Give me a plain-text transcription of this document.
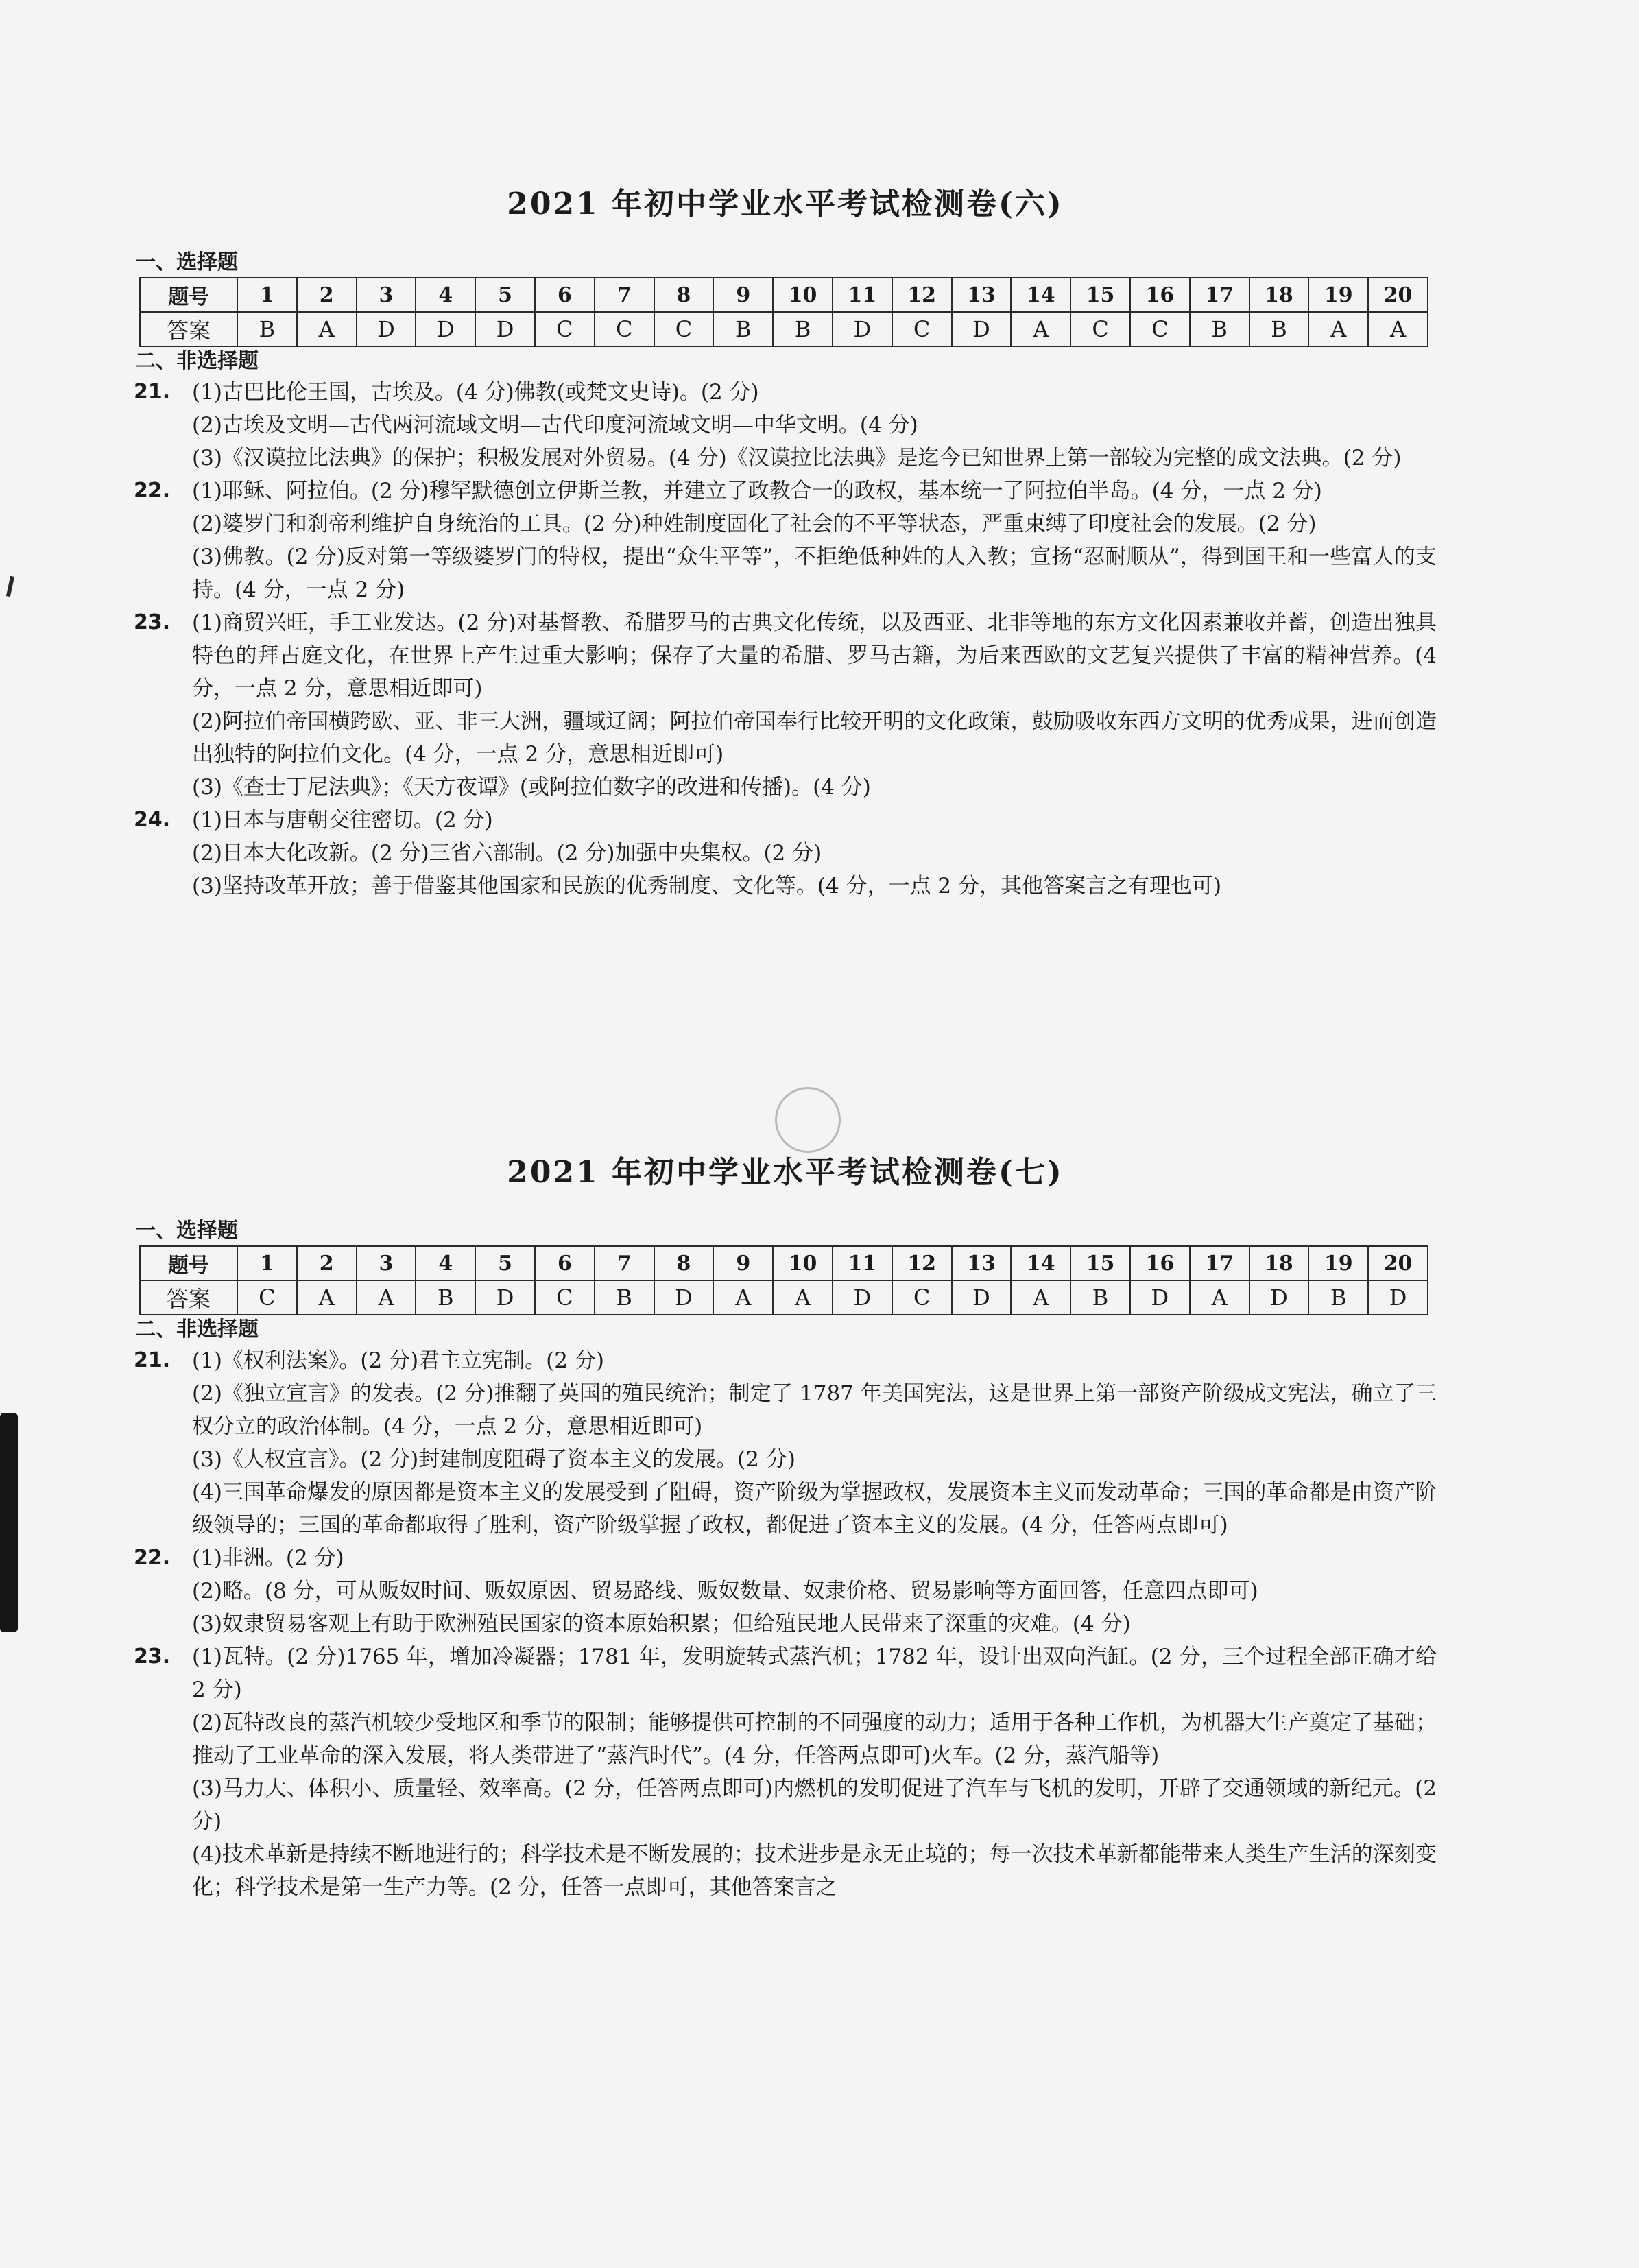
2021 年初中学业水平考试检测卷(六)
一、选择题
题号	1	2	3	4	5	6	7	8	9	10	11	12	13	14	15	16	17	18	19	20
答案	B	A	D	D	D	C	C	C	B	B	D	C	D	A	C	C	B	B	A	A
二、非选择题
21. (1)古巴比伦王国，古埃及。(4 分)佛教(或梵文史诗)。(2 分)

(2)古埃及文明—古代两河流域文明—古代印度河流域文明—中华文明。(4 分)

(3)《汉谟拉比法典》的保护；积极发展对外贸易。(4 分)《汉谟拉比法典》是迄今已知世界上第一部较为完整的成文法典。(2 分)

22. (1)耶稣、阿拉伯。(2 分)穆罕默德创立伊斯兰教，并建立了政教合一的政权，基本统一了阿拉伯半岛。(4 分，一点 2 分)

(2)婆罗门和刹帝利维护自身统治的工具。(2 分)种姓制度固化了社会的不平等状态，严重束缚了印度社会的发展。(2 分)

(3)佛教。(2 分)反对第一等级婆罗门的特权，提出“众生平等”，不拒绝低种姓的人入教；宣扬“忍耐顺从”，得到国王和一些富人的支持。(4 分，一点 2 分)

23. (1)商贸兴旺，手工业发达。(2 分)对基督教、希腊罗马的古典文化传统，以及西亚、北非等地的东方文化因素兼收并蓄，创造出独具特色的拜占庭文化，在世界上产生过重大影响；保存了大量的希腊、罗马古籍，为后来西欧的文艺复兴提供了丰富的精神营养。(4 分，一点 2 分，意思相近即可)

(2)阿拉伯帝国横跨欧、亚、非三大洲，疆域辽阔；阿拉伯帝国奉行比较开明的文化政策，鼓励吸收东西方文明的优秀成果，进而创造出独特的阿拉伯文化。(4 分，一点 2 分，意思相近即可)

(3)《查士丁尼法典》；《天方夜谭》(或阿拉伯数字的改进和传播)。(4 分)

24. (1)日本与唐朝交往密切。(2 分)

(2)日本大化改新。(2 分)三省六部制。(2 分)加强中央集权。(2 分)

(3)坚持改革开放；善于借鉴其他国家和民族的优秀制度、文化等。(4 分，一点 2 分，其他答案言之有理也可)

2021 年初中学业水平考试检测卷(七)
一、选择题
题号	1	2	3	4	5	6	7	8	9	10	11	12	13	14	15	16	17	18	19	20
答案	C	A	A	B	D	C	B	D	A	A	D	C	D	A	B	D	A	D	B	D
二、非选择题
21. (1)《权利法案》。(2 分)君主立宪制。(2 分)

(2)《独立宣言》的发表。(2 分)推翻了英国的殖民统治；制定了 1787 年美国宪法，这是世界上第一部资产阶级成文宪法，确立了三权分立的政治体制。(4 分，一点 2 分，意思相近即可)

(3)《人权宣言》。(2 分)封建制度阻碍了资本主义的发展。(2 分)

(4)三国革命爆发的原因都是资本主义的发展受到了阻碍，资产阶级为掌握政权，发展资本主义而发动革命；三国的革命都是由资产阶级领导的；三国的革命都取得了胜利，资产阶级掌握了政权，都促进了资本主义的发展。(4 分，任答两点即可)

22. (1)非洲。(2 分)

(2)略。(8 分，可从贩奴时间、贩奴原因、贸易路线、贩奴数量、奴隶价格、贸易影响等方面回答，任意四点即可)

(3)奴隶贸易客观上有助于欧洲殖民国家的资本原始积累；但给殖民地人民带来了深重的灾难。(4 分)

23. (1)瓦特。(2 分)1765 年，增加冷凝器；1781 年，发明旋转式蒸汽机；1782 年，设计出双向汽缸。(2 分，三个过程全部正确才给 2 分)

(2)瓦特改良的蒸汽机较少受地区和季节的限制；能够提供可控制的不同强度的动力；适用于各种工作机，为机器大生产奠定了基础；推动了工业革命的深入发展，将人类带进了“蒸汽时代”。(4 分，任答两点即可)火车。(2 分，蒸汽船等)

(3)马力大、体积小、质量轻、效率高。(2 分，任答两点即可)内燃机的发明促进了汽车与飞机的发明，开辟了交通领域的新纪元。(2 分)

(4)技术革新是持续不断地进行的；科学技术是不断发展的；技术进步是永无止境的；每一次技术革新都能带来人类生产生活的深刻变化；科学技术是第一生产力等。(2 分，任答一点即可，其他答案言之
